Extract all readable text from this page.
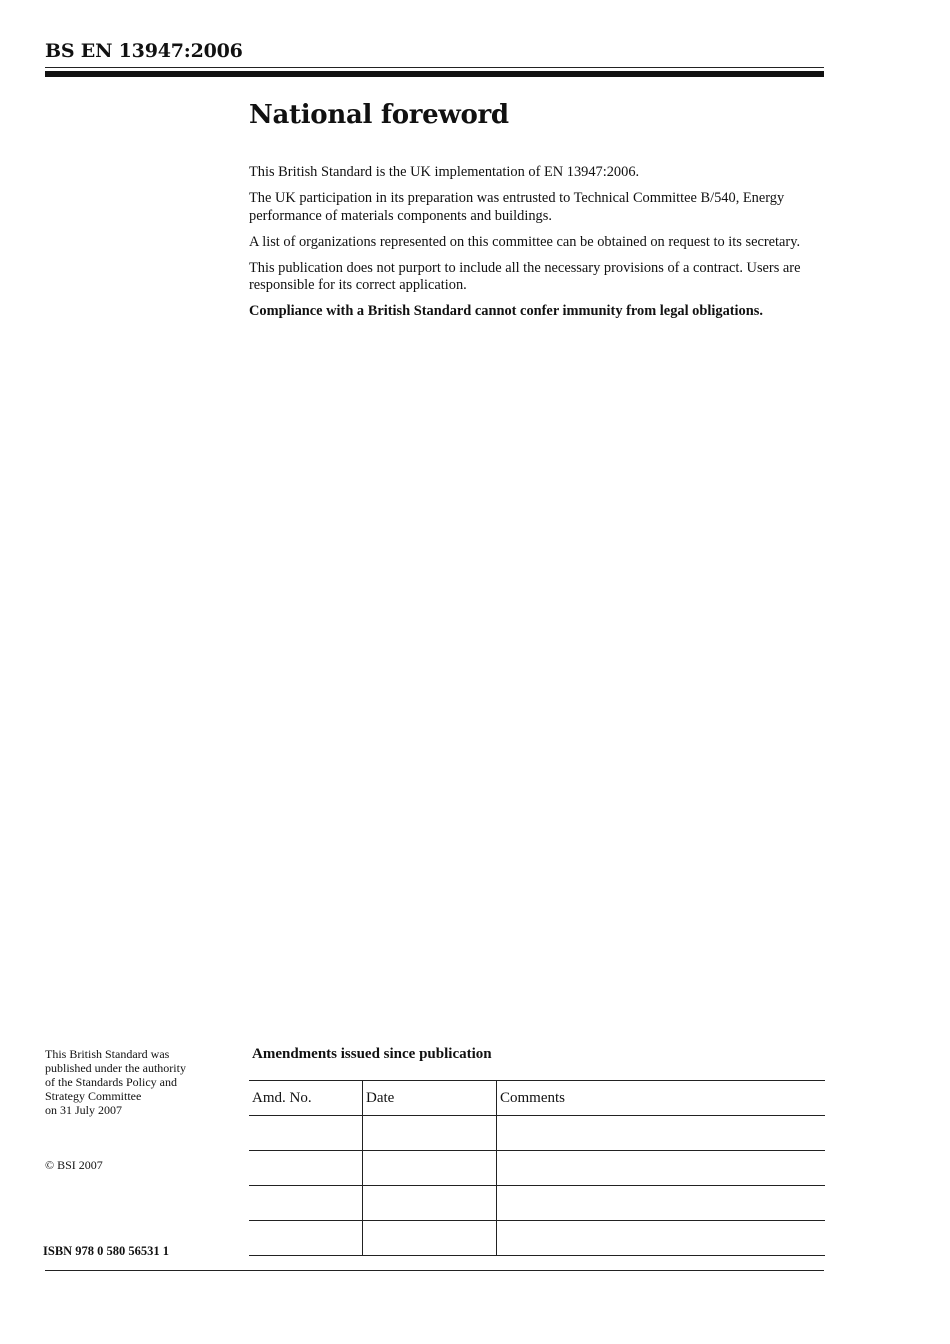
BS EN 13947:2006
National foreword

This British Standard is the UK implementation of EN 13947:2006.

The UK participation in its preparation was entrusted to Technical Committee B/540, Energy performance of materials components and buildings.

A list of organizations represented on this committee can be obtained on request to its secretary.

This publication does not purport to include all the necessary provisions of a contract. Users are responsible for its correct application.

Compliance with a British Standard cannot confer immunity from legal obligations.

This British Standard was
published under the authority
of the Standards Policy and
Strategy Committee
on 31 July 2007
© BSI 2007
ISBN 978 0 580 56531 1
Amendments issued since publication
Amd. No.	Date	Comments
